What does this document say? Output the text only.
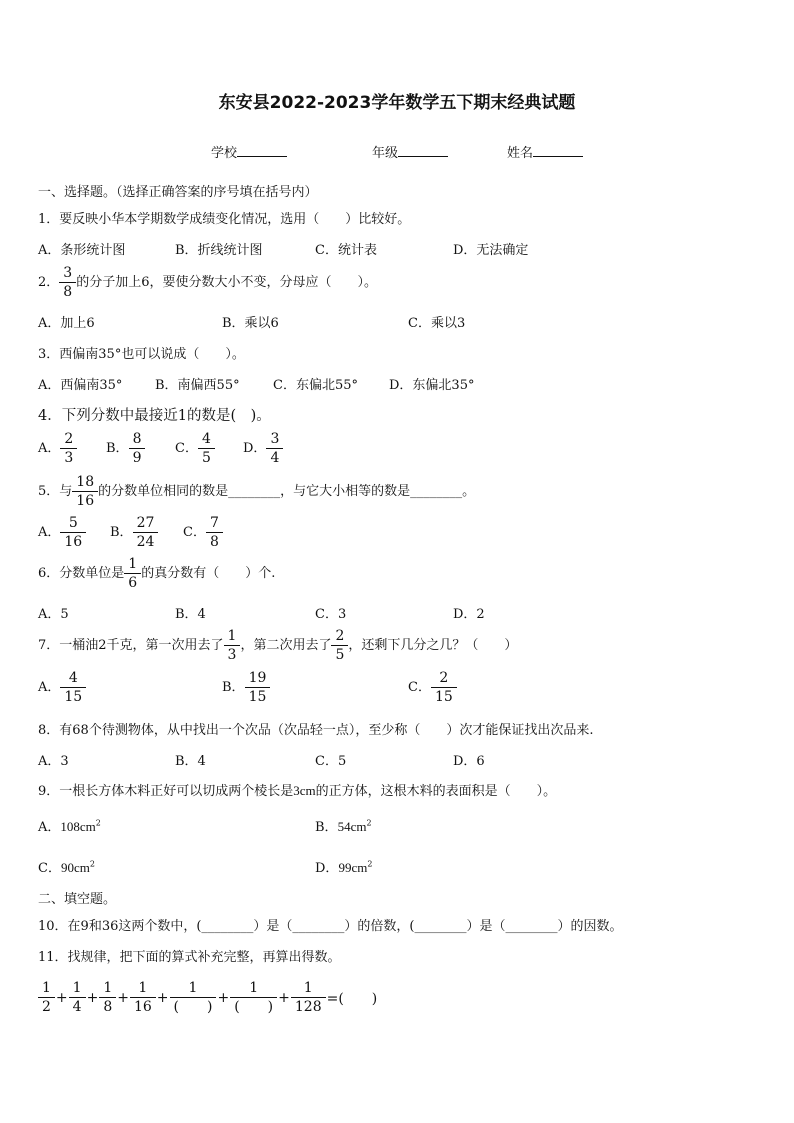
东安县2022-2023学年数学五下期末经典试题
学校	年级	姓名
一、选择题。（选择正确答案的序号填在括号内）
1．要反映小华本学期数学成绩变化情况，选用（　　）比较好。
A．条形统计图	B．折线统计图	C．统计表	D．无法确定
2． $\frac{3}{8}$ 的分子加上6，要使分数大小不变，分母应（　　）。
A．加上6	B．乘以6	C．乘以3
3．西偏南35°也可以说成（　　）。
A．西偏南35°	B．南偏西55°	C．东偏北55° D．东偏北35°
4．下列分数中最接近1的数是(　)。
A． $\frac{2}{3}$ B． $\frac{8}{9}$ C． $\frac{4}{5}$ D． $\frac{3}{4}$
5．与 $\frac{18}{16}$ 的分数单位相同的数是________，与它大小相等的数是________。
A． $\frac{5}{16}$ B． $\frac{27}{24}$ C． $\frac{7}{8}$
6．分数单位是 $\frac{1}{6}$ 的真分数有（　　）个.
A．5	B．4	C．3	D．2
7．一桶油2千克，第一次用去了 $\frac{1}{3}$ ，第二次用去了 $\frac{2}{5}$ ，还剩下几分之几？（　　）
A． $\frac{4}{15}$	B． $\frac{19}{15}$	C． $\frac{2}{15}$
8．有68个待测物体，从中找出一个次品（次品轻一点），至少称（　　）次才能保证找出次品来.
A．3	B．4	C．5	D．6
9．一根长方体木料正好可以切成两个棱长是3cm的正方体，这根木料的表面积是（　　）。
A．$108cm^2$	B．$54cm^2$
C．$90cm^2$	D．$99cm^2$
二、填空题。
10．在9和36这两个数中，(________）是（________）的倍数，(________）是（________）的因数。
11．找规律，把下面的算式补充完整，再算出得数。
$\frac{1}{2} + \frac{1}{4} + \frac{1}{8} + \frac{1}{16} + \frac{1}{( )} + \frac{1}{( )} + \frac{1}{128}$ =(　　)
